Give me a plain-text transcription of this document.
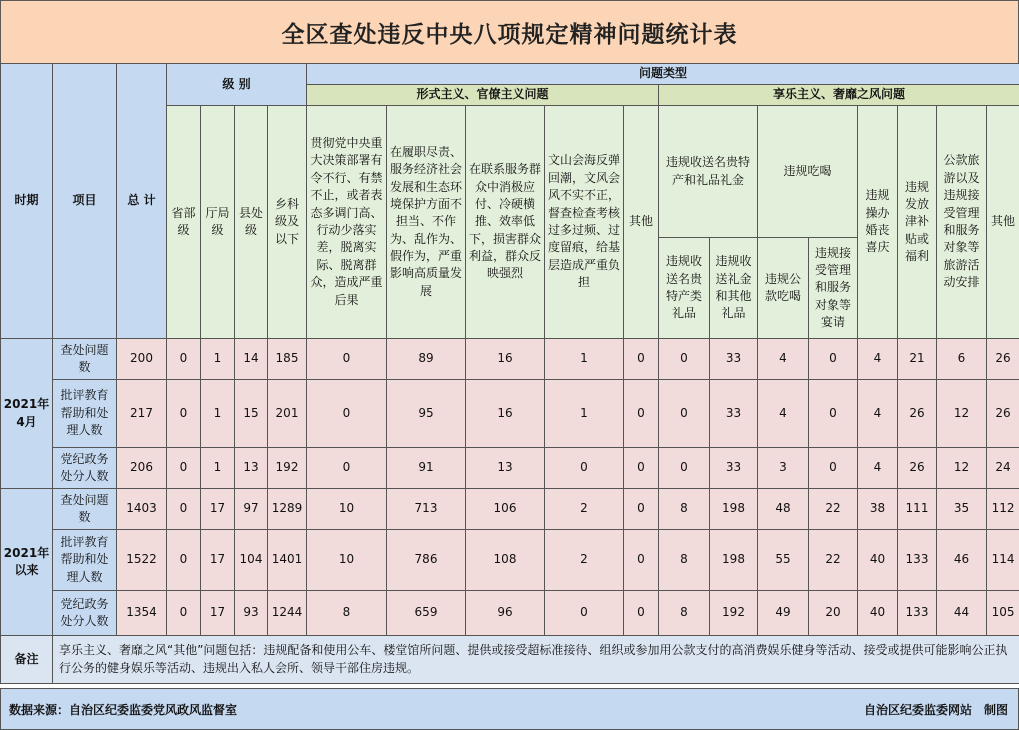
全区查处违反中央八项规定精神问题统计表
时期	项目	总 计	级 别				问题类型												
							形式主义、官僚主义问题					享乐主义、奢靡之风问题							
			省部级	厅局级	县处级	乡科级及以下	贯彻党中央重大决策部署有令不行、有禁不止，或者表态多调门高、行动少落实差，脱离实际、脱离群众，造成严重后果	在履职尽责、服务经济社会发展和生态环境保护方面不担当、不作为、乱作为、假作为，严重影响高质量发展	在联系服务群众中消极应付、冷硬横推、效率低下，损害群众利益，群众反映强烈	文山会海反弹回潮，文风会风不实不正，督查检查考核过多过频、过度留痕，给基层造成严重负担	其他	违规收送名贵特产和礼品礼金		违规吃喝		违规操办婚丧喜庆	违规发放津补贴或福利	公款旅游以及违规接受管理和服务对象等旅游活动安排	其他
												违规收送名贵特产类礼品	违规收送礼金和其他礼品	违规公款吃喝	违规接受管理和服务对象等宴请				
2021年4月	查处问题数	200	0	1	14	185	0	89	16	1	0	0	33	4	0	4	21	6	26
	批评教育帮助和处理人数	217	0	1	15	201	0	95	16	1	0	0	33	4	0	4	26	12	26
	党纪政务处分人数	206	0	1	13	192	0	91	13	0	0	0	33	3	0	4	26	12	24
2021年以来	查处问题数	1403	0	17	97	1289	10	713	106	2	0	8	198	48	22	38	111	35	112
	批评教育帮助和处理人数	1522	0	17	104	1401	10	786	108	2	0	8	198	55	22	40	133	46	114
	党纪政务处分人数	1354	0	17	93	1244	8	659	96	0	0	8	192	49	20	40	133	44	105
备注	享乐主义、奢靡之风“其他”问题包括：违规配备和使用公车、楼堂馆所问题、提供或接受超标准接待、组织或参加用公款支付的高消费娱乐健身等活动、接受或提供可能影响公正执行公务的健身娱乐等活动、违规出入私人会所、领导干部住房违规。																		
数据来源：自治区纪委监委党风政风监督室	自治区纪委监委网站　制图
